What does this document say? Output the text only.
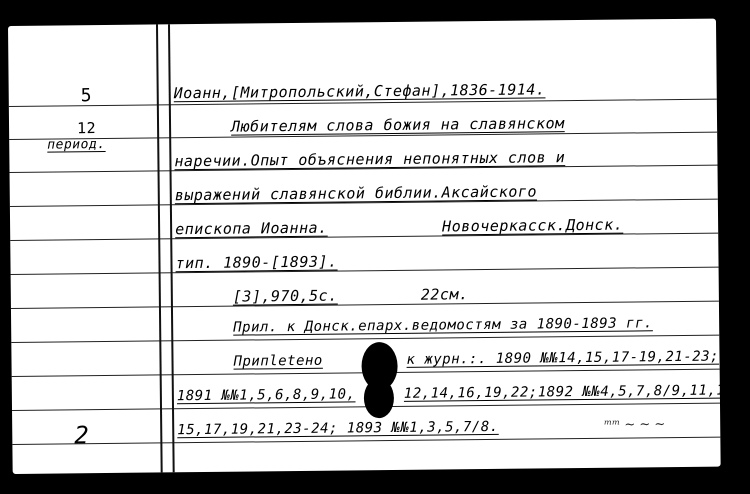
5
12
период.
2
Иоанн,[Митропольский,Стефан],1836-1914.
Любителям слова божия на славянском
наречии.Опыт объяснения непонятных слов и
выражений славянской библии.Аксайского
епископа Иоанна.	Новочеркасск.Донск.
тип. 1890-[1893].
[3],970,5с.	22см.
Прил. к Донск.епарх.ведомостям за 1890-1893 гг.
Припletено	к журн.:. 1890 №№14,15,17-19,21-23;
1891 №№1,5,6,8,9,10,	12,14,16,19,22;1892 №№4,5,7,8/9,11,13,
15,17,19,21,23-24; 1893 №№1,3,5,7/8.	ᵐᵐ ~ ~ ~
